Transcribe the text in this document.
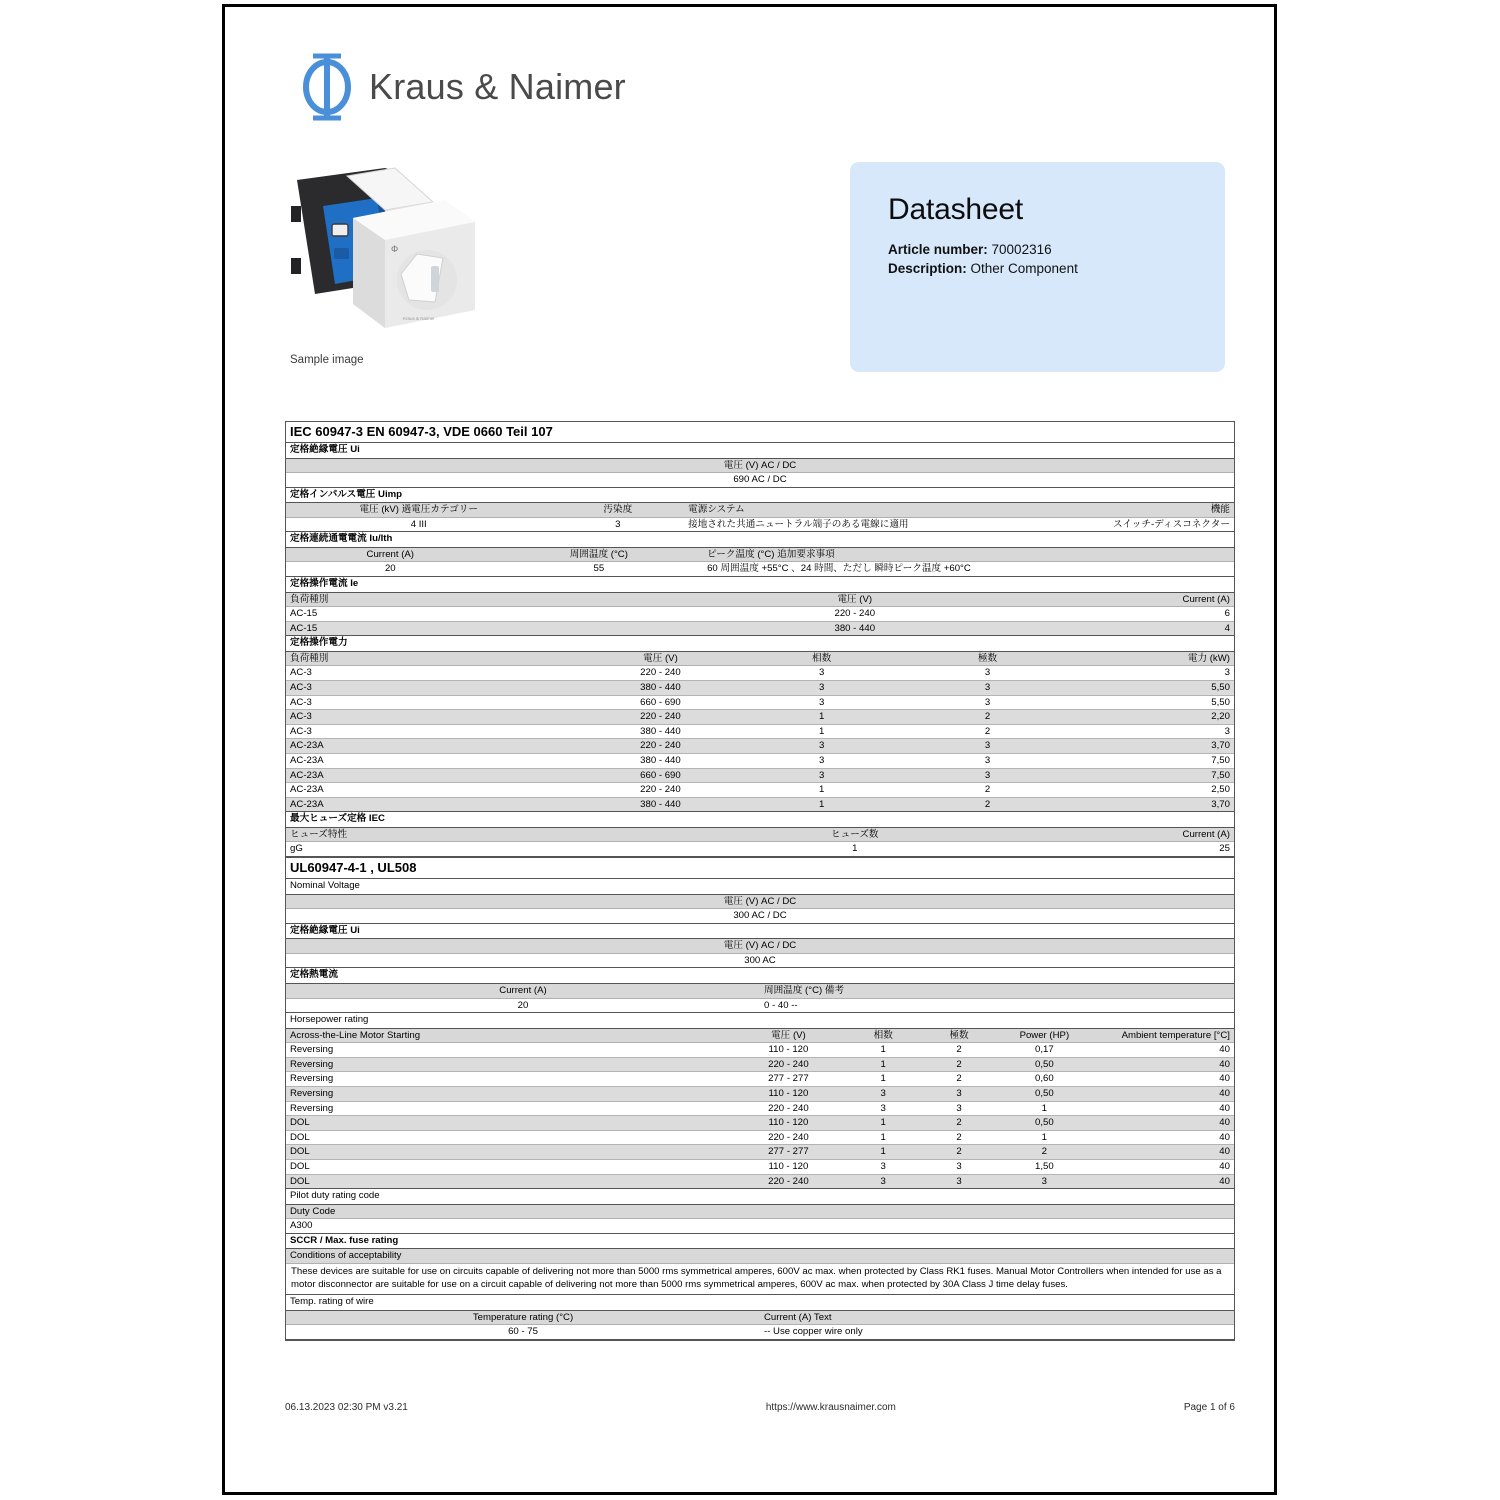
Kraus & Naimer
Φ
Kraus & Naimer
Sample image
Datasheet
Article number: 70002316
Description: Other Component
IEC 60947-3 EN 60947-3, VDE 0660 Teil 107
定格絶縁電圧 Ui
電圧 (V) AC / DC
690 AC / DC
定格インパルス電圧 Uimp
電圧 (kV) 過電圧カテゴリー	汚染度	電源システム	機能
4 III	3	接地された共通ニュートラル端子のある電線に適用	スイッチ-ディスコネクター
定格連続通電電流 Iu/Ith
Current (A)	周囲温度 (°C)	ピーク温度 (°C) 追加要求事項
20	55	60 周囲温度 +55°C 、24 時間、ただし 瞬時ピーク温度 +60°C
定格操作電流 Ie
負荷種別	電圧 (V)	Current (A)
AC-15	220 - 240	6
AC-15	380 - 440	4
定格操作電力
負荷種別	電圧 (V)	相数	極数	電力 (kW)
AC-3	220 - 240	3	3	3
AC-3	380 - 440	3	3	5,50
AC-3	660 - 690	3	3	5,50
AC-3	220 - 240	1	2	2,20
AC-3	380 - 440	1	2	3
AC-23A	220 - 240	3	3	3,70
AC-23A	380 - 440	3	3	7,50
AC-23A	660 - 690	3	3	7,50
AC-23A	220 - 240	1	2	2,50
AC-23A	380 - 440	1	2	3,70
最大ヒューズ定格 IEC
ヒューズ特性	ヒューズ数	Current (A)
gG	1	25
UL60947-4-1 , UL508
Nominal Voltage
電圧 (V) AC / DC
300 AC / DC
定格絶縁電圧 Ui
電圧 (V) AC / DC
300 AC
定格熱電流
Current (A)	周囲温度 (°C) 備考
20	0 - 40 --
Horsepower rating
Across-the-Line Motor Starting	電圧 (V)	相数	極数	Power (HP)	Ambient temperature [°C]
Reversing	110 - 120	1	2	0,17	40
Reversing	220 - 240	1	2	0,50	40
Reversing	277 - 277	1	2	0,60	40
Reversing	110 - 120	3	3	0,50	40
Reversing	220 - 240	3	3	1	40
DOL	110 - 120	1	2	0,50	40
DOL	220 - 240	1	2	1	40
DOL	277 - 277	1	2	2	40
DOL	110 - 120	3	3	1,50	40
DOL	220 - 240	3	3	3	40
Pilot duty rating code
Duty Code
A300
SCCR / Max. fuse rating
Conditions of acceptability
These devices are suitable for use on circuits capable of delivering not more than 5000 rms symmetrical amperes, 600V ac max. when protected by Class RK1 fuses. Manual Motor Controllers when intended for use as a motor disconnector are suitable for use on a circuit capable of delivering not more than 5000 rms symmetrical amperes, 600V ac max. when protected by 30A Class J time delay fuses.
Temp. rating of wire
Temperature rating (°C)	Current (A) Text
60 - 75	-- Use copper wire only
06.13.2023 02:30 PM v3.21	https://www.krausnaimer.com	Page 1 of 6
